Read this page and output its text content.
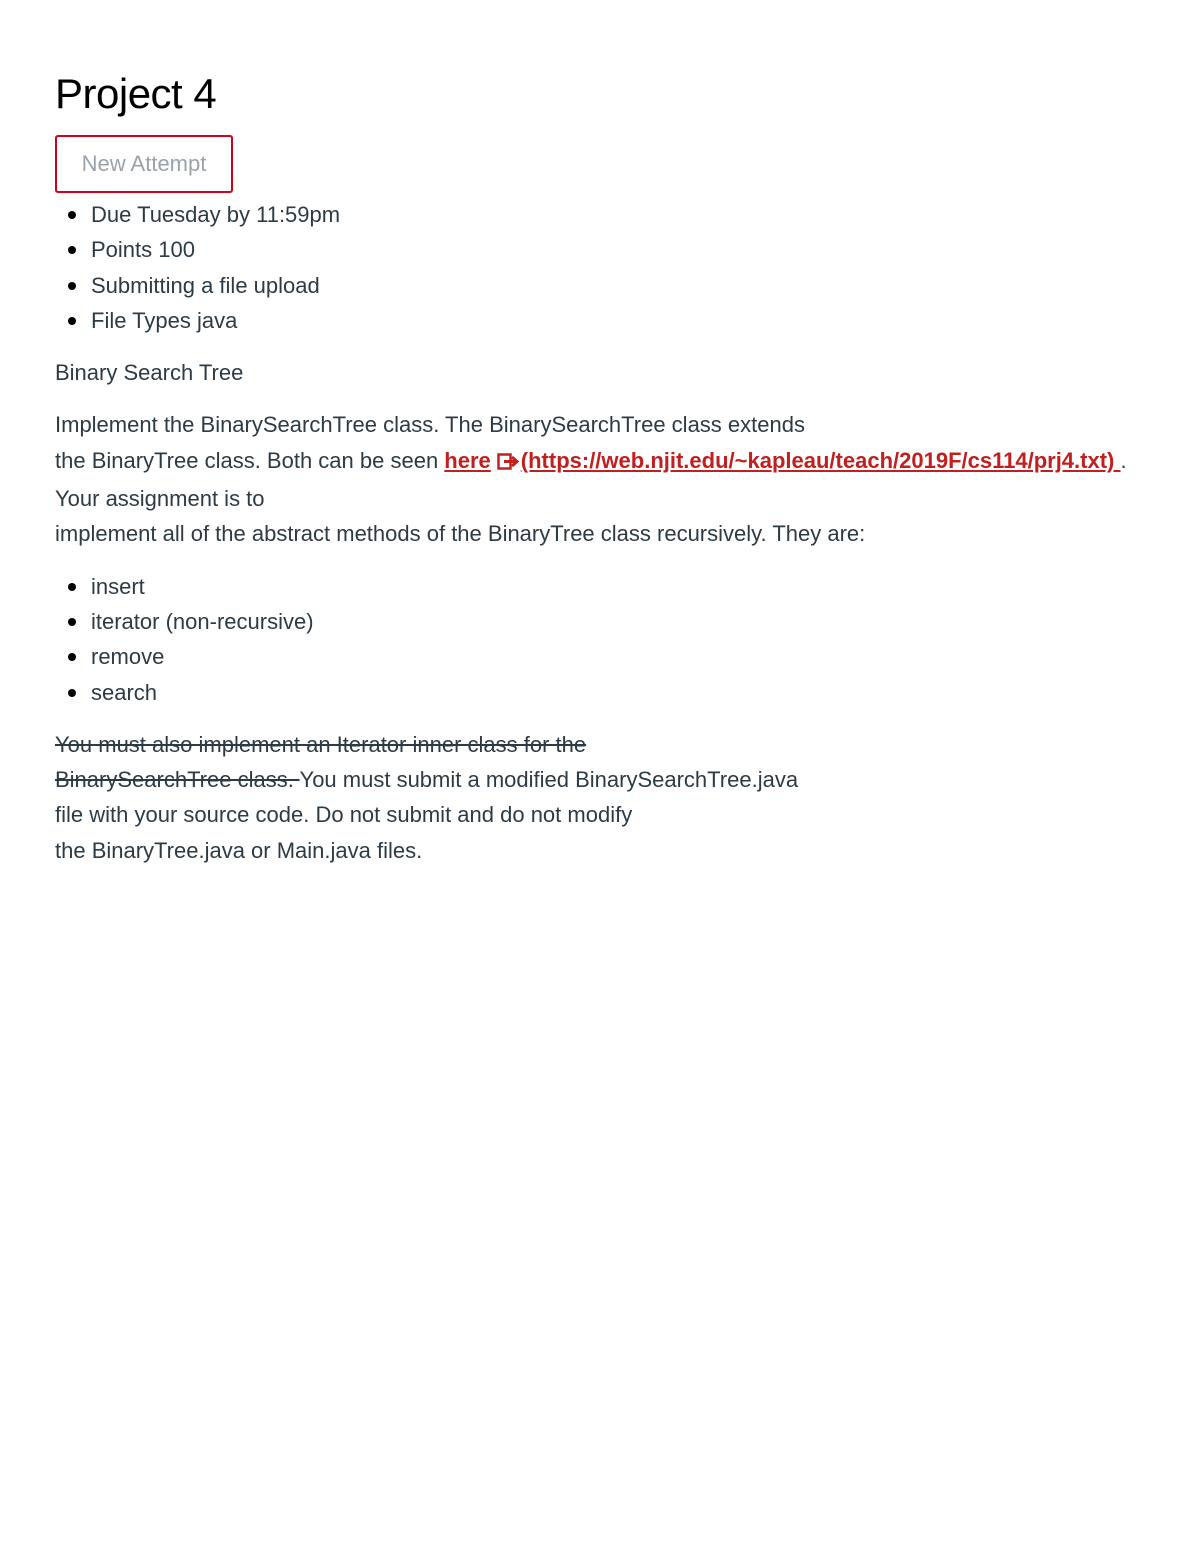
Project 4
New Attempt
Due Tuesday by 11:59pm
Points 100
Submitting a file upload
File Types java

Binary Search Tree

Implement the BinarySearchTree class. The BinarySearchTree class extends

the BinaryTree class. Both can be seen here (https://web.njit.edu/~kapleau/teach/2019F/cs114/prj4.txt) .

Your assignment is to

implement all of the abstract methods of the BinaryTree class recursively. They are:

insert
iterator (non-recursive)
remove
search

You must also implement an Iterator inner class for the

BinarySearchTree class. You must submit a modified BinarySearchTree.java

file with your source code. Do not submit and do not modify

the BinaryTree.java or Main.java files.
